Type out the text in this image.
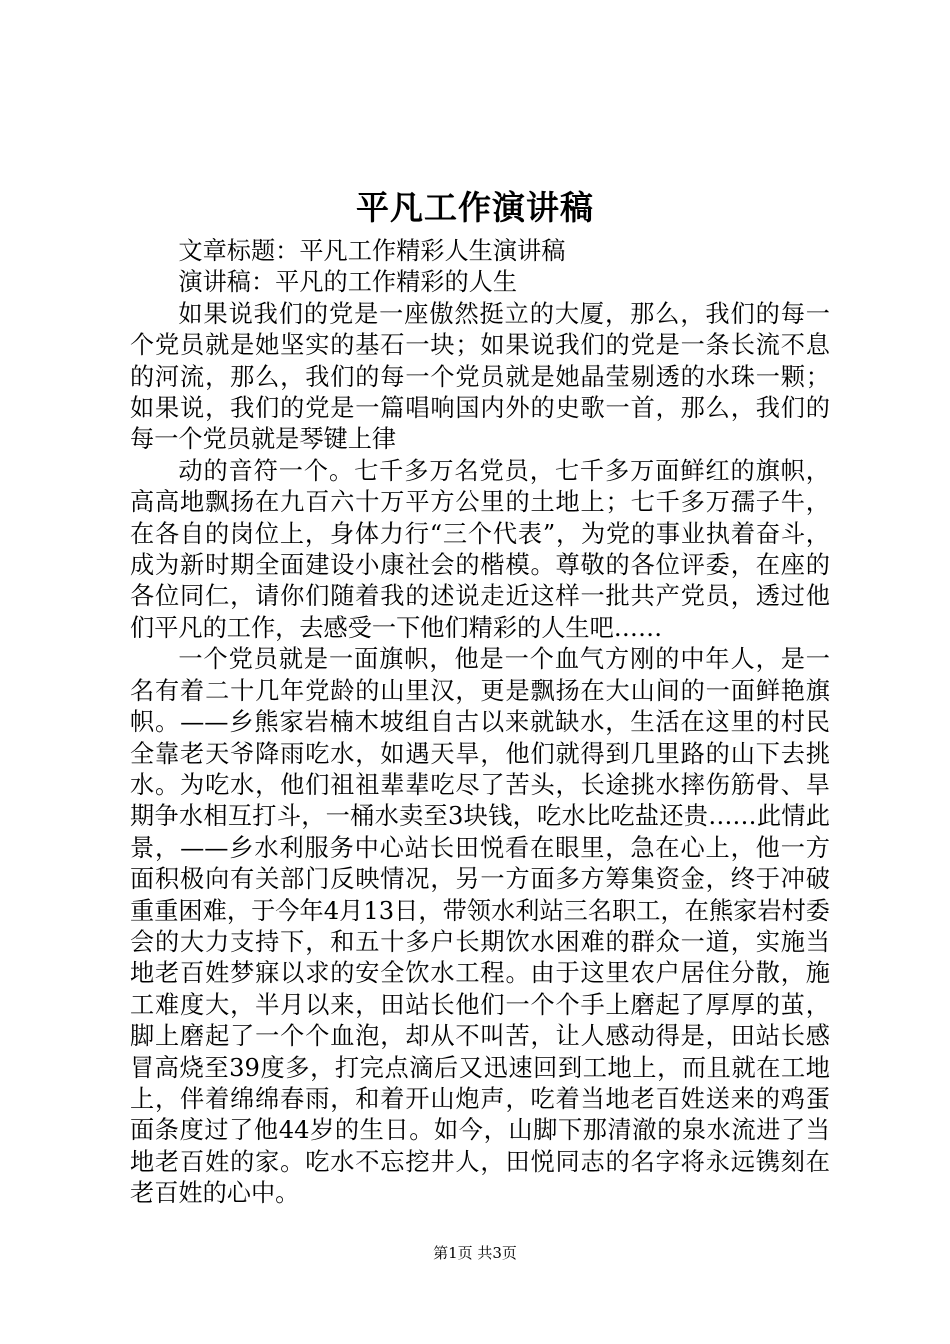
平凡工作演讲稿

文章标题：平凡工作精彩人生演讲稿

演讲稿：平凡的工作精彩的人生

如果说我们的党是一座傲然挺立的大厦，那么，我们的每一个党员就是她坚实的基石一块；如果说我们的党是一条长流不息的河流，那么，我们的每一个党员就是她晶莹剔透的水珠一颗；如果说，我们的党是一篇唱响国内外的史歌一首，那么，我们的每一个党员就是琴键上律

动的音符一个。七千多万名党员，七千多万面鲜红的旗帜，高高地飘扬在九百六十万平方公里的土地上；七千多万孺子牛，在各自的岗位上，身体力行“三个代表”，为党的事业执着奋斗，成为新时期全面建设小康社会的楷模。尊敬的各位评委，在座的各位同仁，请你们随着我的述说走近这样一批共产党员，透过他们平凡的工作，去感受一下他们精彩的人生吧……

一个党员就是一面旗帜，他是一个血气方刚的中年人，是一名有着二十几年党龄的山里汉，更是飘扬在大山间的一面鲜艳旗帜。——乡熊家岩楠木坡组自古以来就缺水，生活在这里的村民全靠老天爷降雨吃水，如遇天旱，他们就得到几里路的山下去挑水。为吃水，他们祖祖辈辈吃尽了苦头，长途挑水摔伤筋骨、旱期争水相互打斗，一桶水卖至3块钱，吃水比吃盐还贵……此情此景，——乡水利服务中心站长田悦看在眼里，急在心上，他一方面积极向有关部门反映情况，另一方面多方筹集资金，终于冲破重重困难，于今年4月13日，带领水利站三名职工，在熊家岩村委会的大力支持下，和五十多户长期饮水困难的群众一道，实施当地老百姓梦寐以求的安全饮水工程。由于这里农户居住分散，施工难度大，半月以来，田站长他们一个个手上磨起了厚厚的茧，脚上磨起了一个个血泡，却从不叫苦，让人感动得是，田站长感冒高烧至39度多，打完点滴后又迅速回到工地上，而且就在工地上，伴着绵绵春雨，和着开山炮声，吃着当地老百姓送来的鸡蛋面条度过了他44岁的生日。如今，山脚下那清澈的泉水流进了当地老百姓的家。吃水不忘挖井人，田悦同志的名字将永远镌刻在老百姓的心中。

第1页 共3页
